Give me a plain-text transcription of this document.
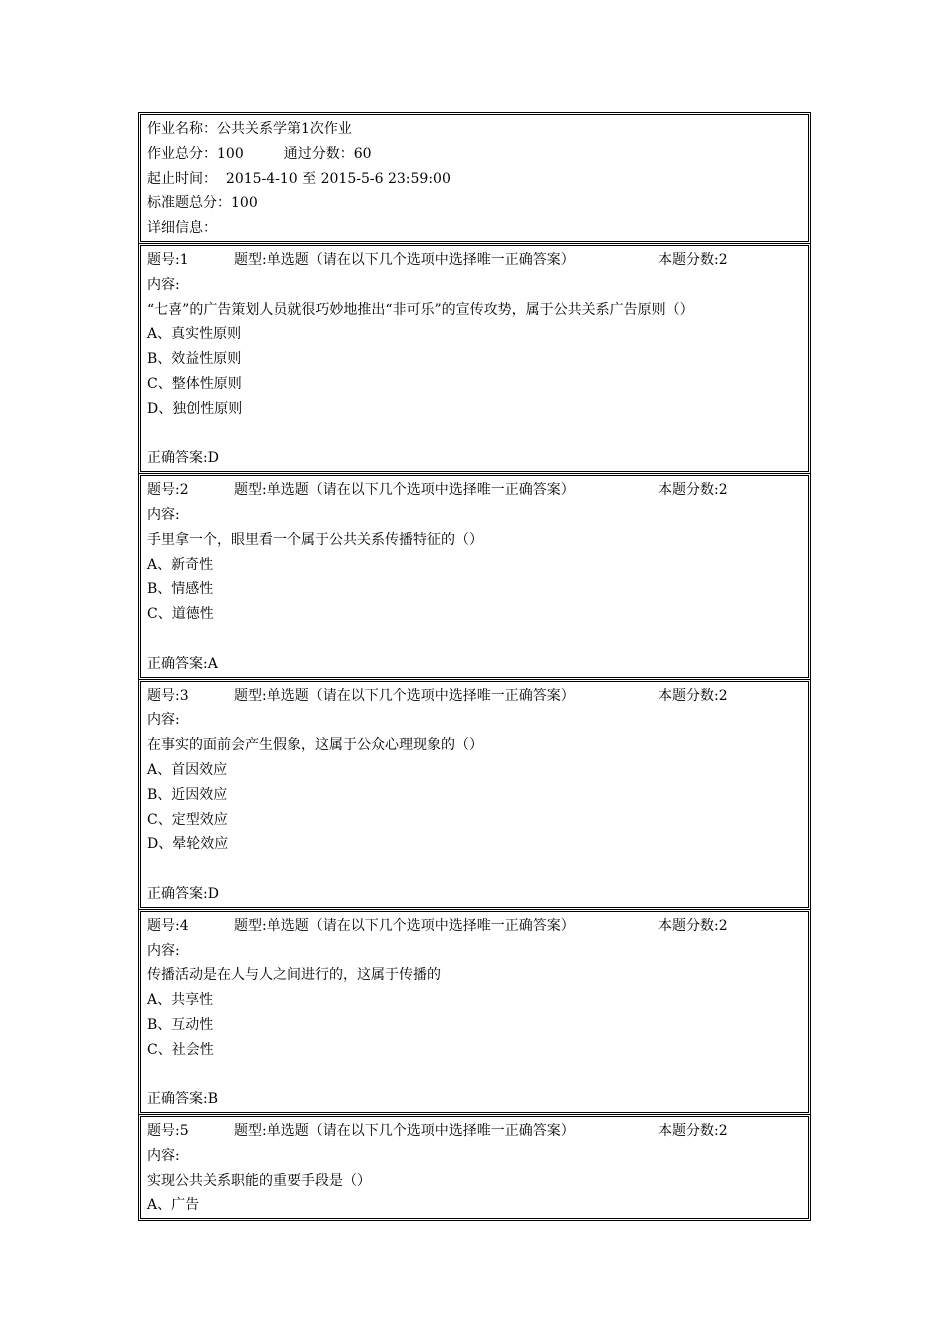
作业名称：公共关系学第1次作业
作业总分：100	通过分数：60
起止时间： 2015-4-10 至 2015-5-6 23:59:00
标准题总分：100
详细信息：
题号:1	题型:单选题（请在以下几个选项中选择唯一正确答案）	本题分数:2
内容:
“七喜”的广告策划人员就很巧妙地推出“非可乐”的宣传攻势，属于公共关系广告原则（）
A、真实性原则
B、效益性原则
C、整体性原则
D、独创性原则
正确答案:D
题号:2	题型:单选题（请在以下几个选项中选择唯一正确答案）	本题分数:2
内容:
手里拿一个，眼里看一个属于公共关系传播特征的（）
A、新奇性
B、情感性
C、道德性
正确答案:A
题号:3	题型:单选题（请在以下几个选项中选择唯一正确答案）	本题分数:2
内容:
在事实的面前会产生假象，这属于公众心理现象的（）
A、首因效应
B、近因效应
C、定型效应
D、晕轮效应
正确答案:D
题号:4	题型:单选题（请在以下几个选项中选择唯一正确答案）	本题分数:2
内容:
传播活动是在人与人之间进行的，这属于传播的
A、共享性
B、互动性
C、社会性
正确答案:B
题号:5	题型:单选题（请在以下几个选项中选择唯一正确答案）	本题分数:2
内容:
实现公共关系职能的重要手段是（）
A、广告
